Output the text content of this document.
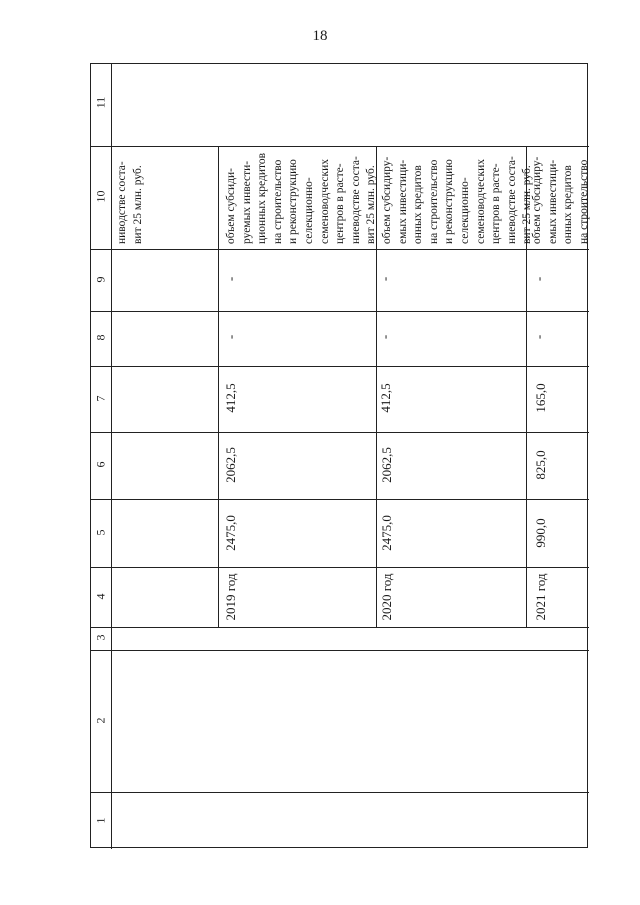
18
11
10
9
8
7
6
5
4
3
2
1
ниводстве соста-
вит 25 млн. руб.
объем субсиди-
руемых инвести-
ционных кредитов
на строительство
и реконструкцию
селекционно-
семеноводческих
центров в расте-
ниеводстве соста-
вит 25 млн. руб.
-
-
412,5
2062,5
2475,0
2019 год
объем субсидиру-
емых инвестици-
онных кредитов
на строительство
и реконструкцию
селекционно-
семеноводческих
центров в расте-
ниеводстве соста-
вит 25 млн. руб.
-
-
412,5
2062,5
2475,0
2020 год
объем субсидиру-
емых инвестици-
онных кредитов
на строительство
-
-
165,0
825,0
990,0
2021 год
